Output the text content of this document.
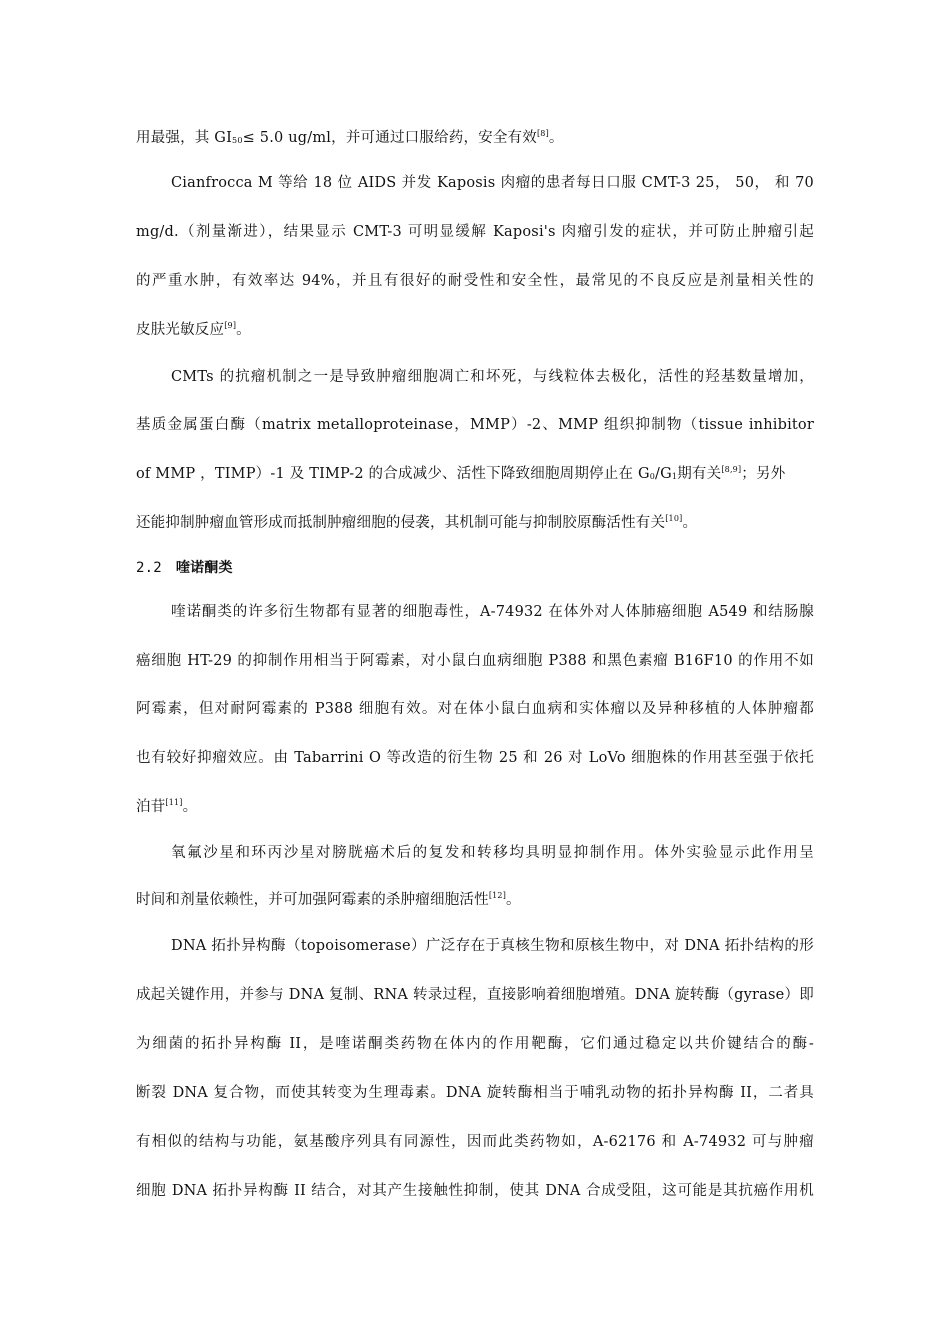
用最强，其 $GI_{50}\le 5.0$ ug/ml，并可通过口服给药，安全有效[8]。
Cianfrocca M 等给 18 位 AIDS 并发 Kaposis 肉瘤的患者每日口服 CMT-3 25， 50， 和 70
mg/d.（剂量渐进），结果显示 CMT-3 可明显缓解 Kaposi's 肉瘤引发的症状，并可防止肿瘤引起
的严重水肿，有效率达 94%，并且有很好的耐受性和安全性，最常见的不良反应是剂量相关性的
皮肤光敏反应[9]。
CMTs 的抗瘤机制之一是导致肿瘤细胞凋亡和坏死，与线粒体去极化，活性的羟基数量增加，
基质金属蛋白酶（matrix metalloproteinase，MMP）-2、MMP 组织抑制物（tissue inhibitor
of MMP ，TIMP）-1 及 TIMP-2 的合成减少、活性下降致细胞周期停止在 $G_0/G_1$期有关[8,9]；另外
还能抑制肿瘤血管形成而抵制肿瘤细胞的侵袭，其机制可能与抑制胶原酶活性有关[10]。
2.2 喹诺酮类
喹诺酮类的许多衍生物都有显著的细胞毒性，A-74932 在体外对人体肺癌细胞 A549 和结肠腺
癌细胞 HT-29 的抑制作用相当于阿霉素，对小鼠白血病细胞 P388 和黑色素瘤 B16F10 的作用不如
阿霉素，但对耐阿霉素的 P388 细胞有效。对在体小鼠白血病和实体瘤以及异种移植的人体肿瘤都
也有较好抑瘤效应。由 Tabarrini O 等改造的衍生物 25 和 26 对 LoVo 细胞株的作用甚至强于依托
泊苷[11]。
氧氟沙星和环丙沙星对膀胱癌术后的复发和转移均具明显抑制作用。体外实验显示此作用呈
时间和剂量依赖性，并可加强阿霉素的杀肿瘤细胞活性[12]。
DNA 拓扑异构酶（topoisomerase）广泛存在于真核生物和原核生物中，对 DNA 拓扑结构的形
成起关键作用，并参与 DNA 复制、RNA 转录过程，直接影响着细胞增殖。DNA 旋转酶（gyrase）即
为细菌的拓扑异构酶 II，是喹诺酮类药物在体内的作用靶酶，它们通过稳定以共价键结合的酶-
断裂 DNA 复合物，而使其转变为生理毒素。DNA 旋转酶相当于哺乳动物的拓扑异构酶 II，二者具
有相似的结构与功能，氨基酸序列具有同源性，因而此类药物如，A-62176 和 A-74932 可与肿瘤
细胞 DNA 拓扑异构酶 II 结合，对其产生接触性抑制，使其 DNA 合成受阻，这可能是其抗癌作用机
